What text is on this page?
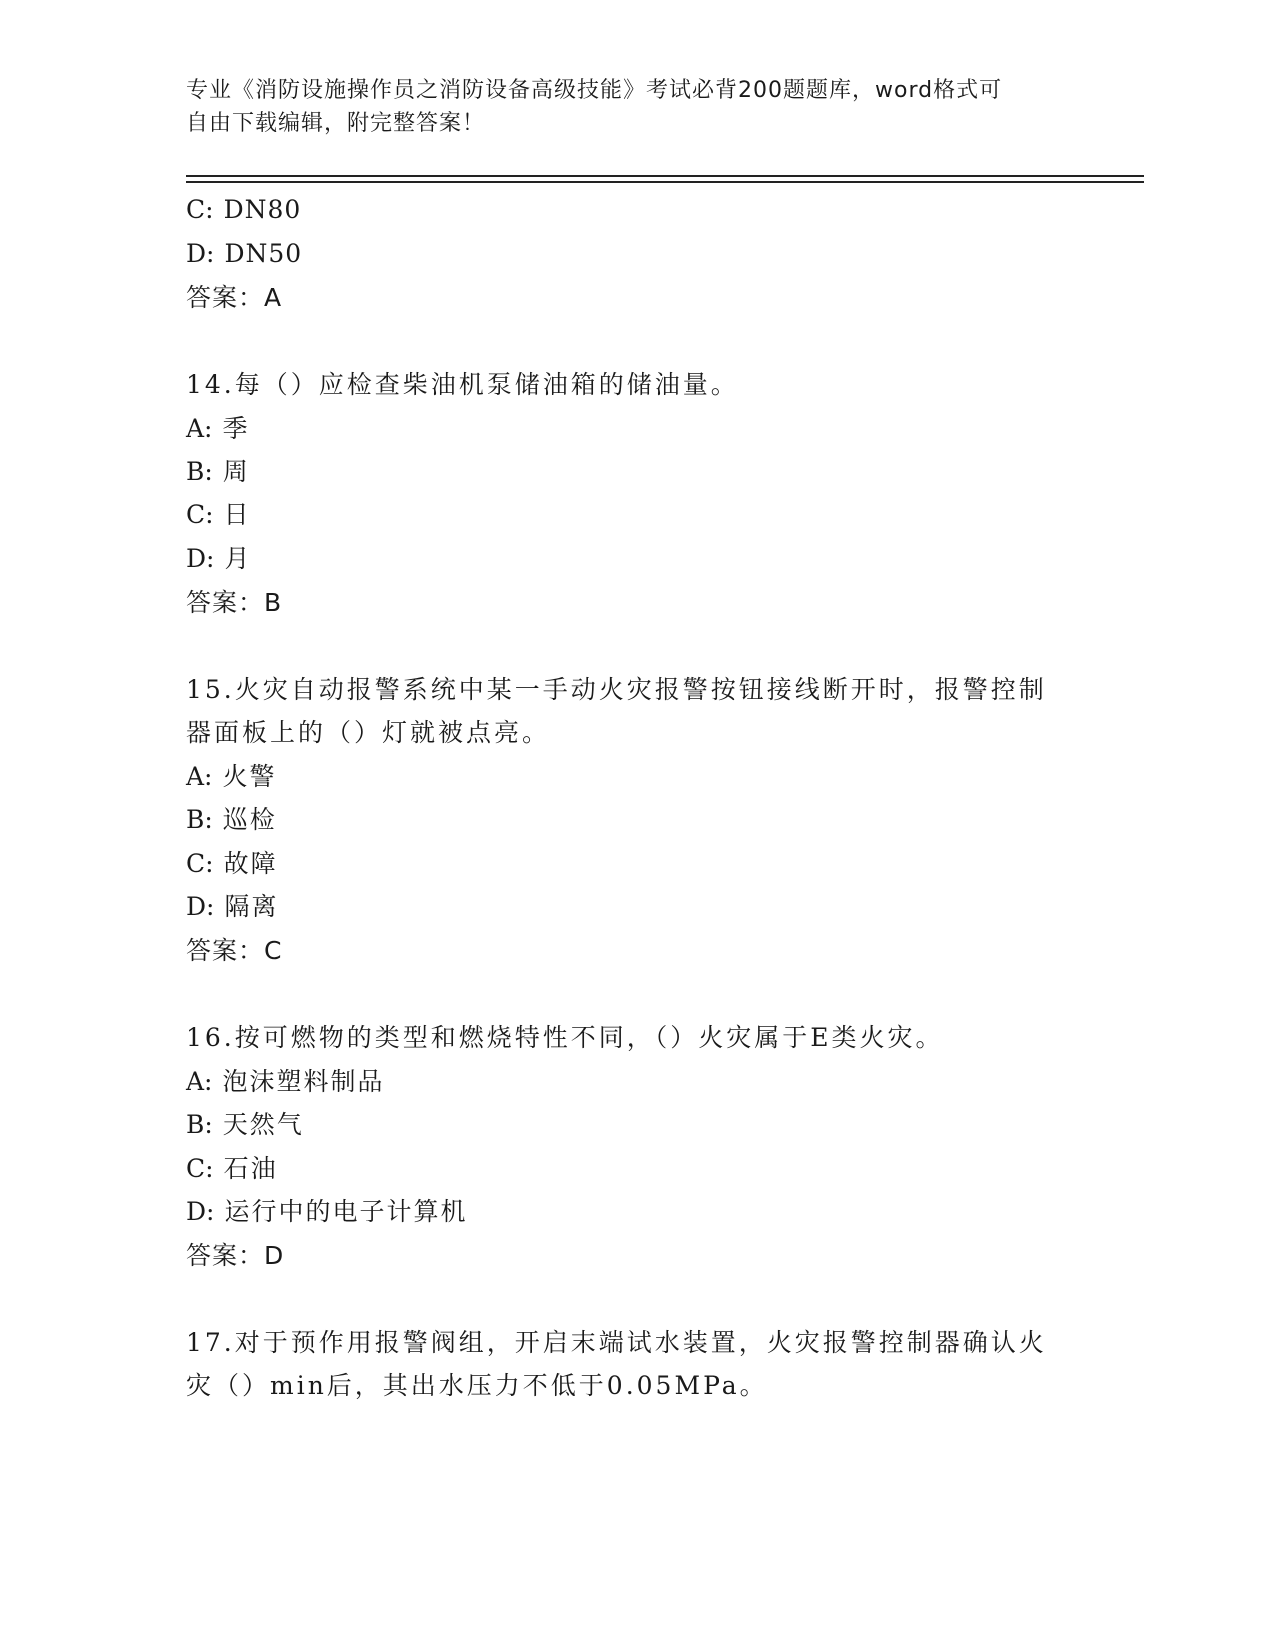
专业《消防设施操作员之消防设备高级技能》考试必背200题题库，word格式可
自由下载编辑，附完整答案！
C: DN80
D: DN50
答案：A
14.每（）应检查柴油机泵储油箱的储油量。
A: 季
B: 周
C: 日
D: 月
答案：B
15.火灾自动报警系统中某一手动火灾报警按钮接线断开时，报警控制
器面板上的（）灯就被点亮。
A: 火警
B: 巡检
C: 故障
D: 隔离
答案：C
16.按可燃物的类型和燃烧特性不同，（）火灾属于E类火灾。
A: 泡沫塑料制品
B: 天然气
C: 石油
D: 运行中的电子计算机
答案：D
17.对于预作用报警阀组，开启末端试水装置，火灾报警控制器确认火
灾（）min后，其出水压力不低于0.05MPa。
